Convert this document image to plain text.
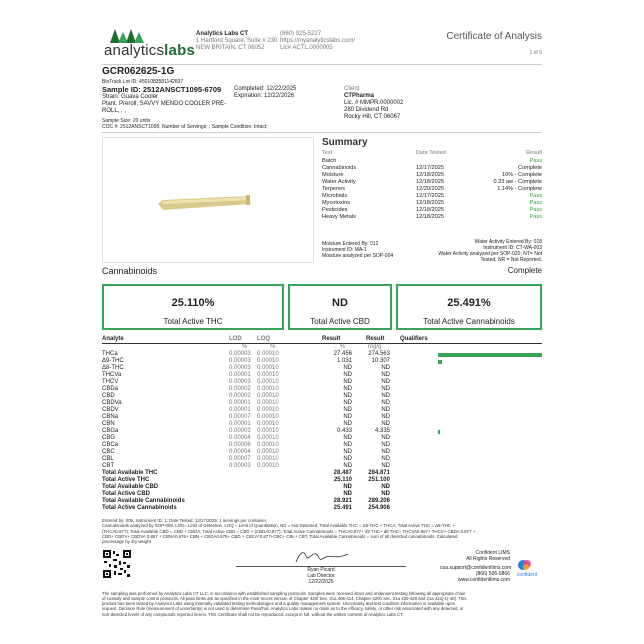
analyticslabs
Analytics Labs CT
1 Hartford Square, Suite # 230
NEW BRITAIN, CT 06052
(860) 925-5227
https://myanalyticslabs.com/
Lic# ACTL.0000005
Certificate of Analysis
1 of 5
GCR062625-1G
BioTrack Lot ID: 4501083581142837
Sample ID: 2512ANSCT1095-6709
Strain: Guava Cooler
Plant, Preroll, SAVVY MENDO COOLER PRE-
ROLL, , ,
Completed: 12/22/2025
Expiration: 12/22/2026
Sample Size: 20 units
COC #: 2512ANSCT1095; Number of Servings: ; Sample Condition: Intact;
Client
CTPharma
Lic. # MMPR.0000002
280 Dividend Rd
Rocky Hill, CT 06067
Summary
Test	Date Tested	Result
Batch	Pass
Cannabinoids	12/17/2025	Complete
Moisture	12/18/2025	10% - Complete
Water Activity	12/18/2025	0.33 aw - Complete
Terpenes	12/20/2025	1.14% - Complete
Microbials	12/17/2025	Pass
Mycotoxins	12/18/2025	Pass
Pesticides	12/18/2025	Pass
Heavy Metals	12/18/2025	Pass
Moisture Entered By: 012
Instrument ID: MA-1
Moisture analyzed per SOP-004
Water Activity Entered By: 018
Instrument ID: CT-WA-003
Water Activity analyzed per SOP-020, NT= Not
Tested, NR = Not Reported.
Cannabinoids	Complete
25.110%
Total Active THC
ND
Total Active CBD
25.491%
Total Active Cannabinoids
Analyte	LOD	LOQ	Result	Result	Qualifiers
%	%	%	mg/g
THCa	0.00003 0.00010	27.456	274.563
Δ9-THC	0.00003 0.00010	1.031	10.307
Δ8-THC	0.00003 0.00010	ND	ND
THCVa	0.00001 0.00010	ND	ND
THCV	0.00003 0.00010	ND	ND
CBDa	0.00002 0.00010	ND	ND
CBD	0.00002 0.00010	ND	ND
CBDVa	0.00001 0.00010	ND	ND
CBDV	0.00001 0.00010	ND	ND
CBNa	0.00007 0.00010	ND	ND
CBN	0.00001 0.00010	ND	ND
CBGa	0.00003 0.00010	0.433	4.335
CBG	0.00004 0.00010	ND	ND
CBCa	0.00006 0.00010	ND	ND
CBC	0.00004 0.00010	ND	ND
CBL	0.00007 0.00010	ND	ND
CBT	0.00003 0.00010	ND	ND
Total Available THC	28.487	284.871
Total Active THC	25.110	251.100
Total Available CBD	ND	ND
Total Active CBD	ND	ND
Total Available Cannabinoids	28.921	289.206
Total Active Cannabinoids	25.491	254.906
Entered by: 005, Instrument ID: 1; Date Tested: 12/17/2025; 1 servings per container.
Cannabinoids analyzed by SOP-009. LOD= Limit of Detection, LOQ = Limit of Quantitation, ND = Not Detected. Total Available THC = Δ9-THC + THCA, Total Active THC = Δ9-THC +
(THCA0.877), Total Available CBD = CBD + CBDA, Total Active CBD = CBD + (CBDA0.877), Total Active Cannabinoids = THCA0.877+ d9 THC+ d8 THC+ THCVA0.867+ THCV+ CBDA 0.877 +
CBD+ CBDV+ CBDVA 0.867 + CBNA0.876+ CBN + CBGA0.878+ CBG + CBCA*0.877+CBC+ CBL+ CBT, Total Available Cannabinoids = sum of all detected cannabinoids. Calculated
percentage by dry weight
Ryan Picard
Lab Director
12/22/2025
Confident LIMS
All Rights Reserved
coa.support@confidentlims.com
(866) 506-5866
www.confidentlims.com
confident
The sampling was performed by Analytics Labs CT LLC, in accordance with established sampling protocols. Samples were received intact and underwent testing following all appropriate chain
of custody and sample control protocols. All pass limits are as specified in the most recent version of Chapter 420f Sec. 21a 408-414, Chapter 420h Sec. 21a 420-429 and 21a 421j-1(-40). This
product has been tested by Analytics Labs using internally validated testing methodologies and a quality management system. Uncertainty and test condition information is available upon
request. Decision Rule (measurement of uncertainty) is not used to determine Pass/Fail. Analytics Labs makes no claim as to the efficacy, safety, or other risk associated with any detected, or
non-detected levels of any compounds reported herein. This Certificate shall not be reproduced, except in full, without the written consent of Analytics Labs CT.
